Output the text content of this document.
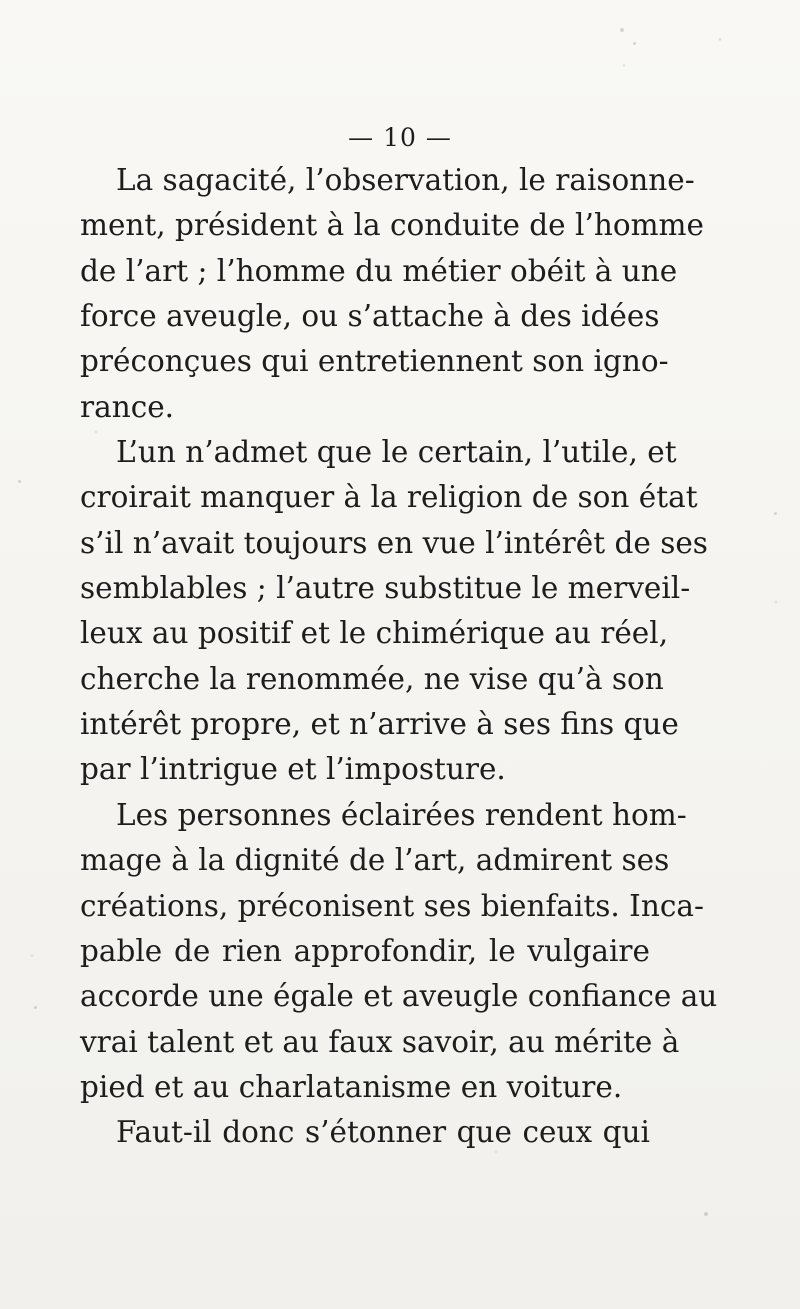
— 10 —
La sagacité, l’observation, le raisonne-
ment, président à la conduite de l’homme
de l’art ; l’homme du métier obéit à une
force aveugle, ou s’attache à des idées
préconçues qui entretiennent son igno-
rance.
L’un n’admet que le certain, l’utile, et
croirait manquer à la religion de son état
s’il n’avait toujours en vue l’intérêt de ses
semblables ; l’autre substitue le merveil-
leux au positif et le chimérique au réel,
cherche la renommée, ne vise qu’à son
intérêt propre, et n’arrive à ses fins que
par l’intrigue et l’imposture.
Les personnes éclairées rendent hom-
mage à la dignité de l’art, admirent ses
créations, préconisent ses bienfaits. Inca-
pable de rien approfondir, le vulgaire
accorde une égale et aveugle confiance au
vrai talent et au faux savoir, au mérite à
pied et au charlatanisme en voiture.
Faut-il donc s’étonner que ceux qui
